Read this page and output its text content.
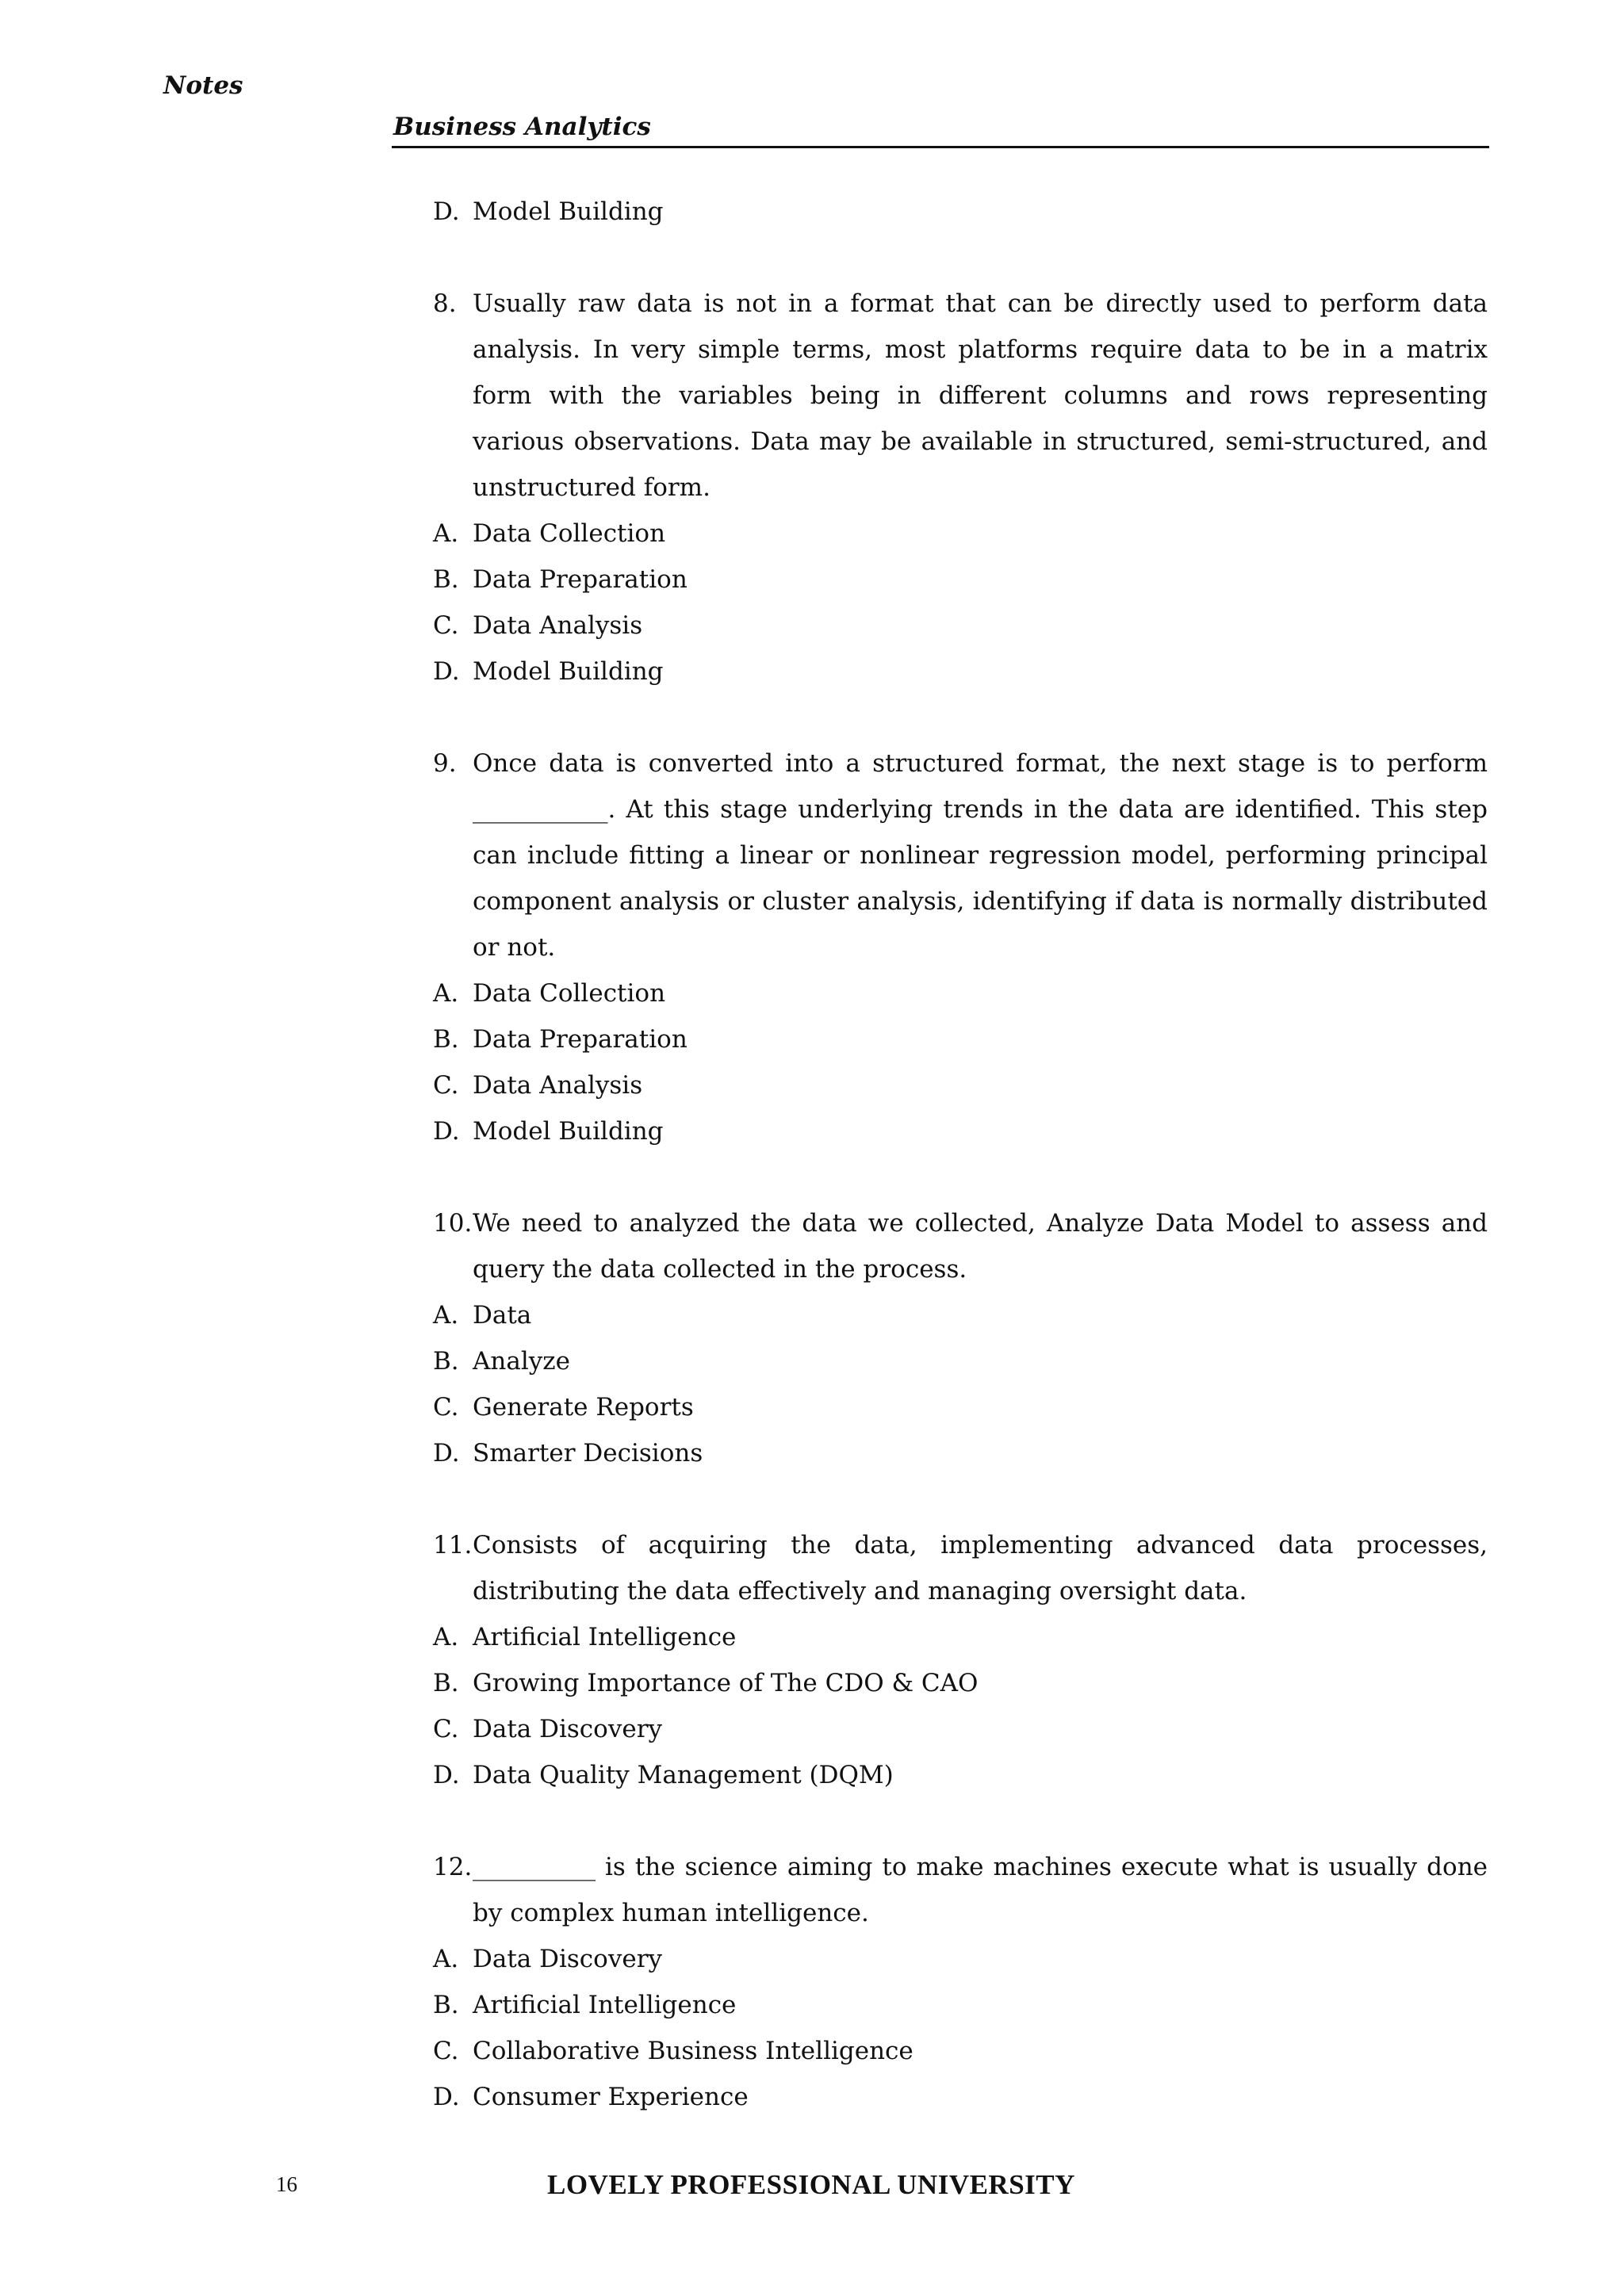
Notes
Business Analytics
D. Model Building
8. Usually raw data is not in a format that can be directly used to perform data analysis. In very simple terms, most platforms require data to be in a matrix form with the variables being in different columns and rows representing various observations. Data may be available in structured, semi-structured, and unstructured form.
A. Data Collection
B. Data Preparation
C. Data Analysis
D. Model Building
9. Once data is converted into a structured format, the next stage is to perform ___________. At this stage underlying trends in the data are identified. This step can include fitting a linear or nonlinear regression model, performing principal component analysis or cluster analysis, identifying if data is normally distributed or not.
A. Data Collection
B. Data Preparation
C. Data Analysis
D. Model Building
10. We need to analyzed the data we collected, Analyze Data Model to assess and query the data collected in the process.
A. Data
B. Analyze
C. Generate Reports
D. Smarter Decisions
11. Consists of acquiring the data, implementing advanced data processes, distributing the data effectively and managing oversight data.
A. Artificial Intelligence
B. Growing Importance of The CDO & CAO
C. Data Discovery
D. Data Quality Management (DQM)
12. __________ is the science aiming to make machines execute what is usually done by complex human intelligence.
A. Data Discovery
B. Artificial Intelligence
C. Collaborative Business Intelligence
D. Consumer Experience
16	LOVELY PROFESSIONAL UNIVERSITY
